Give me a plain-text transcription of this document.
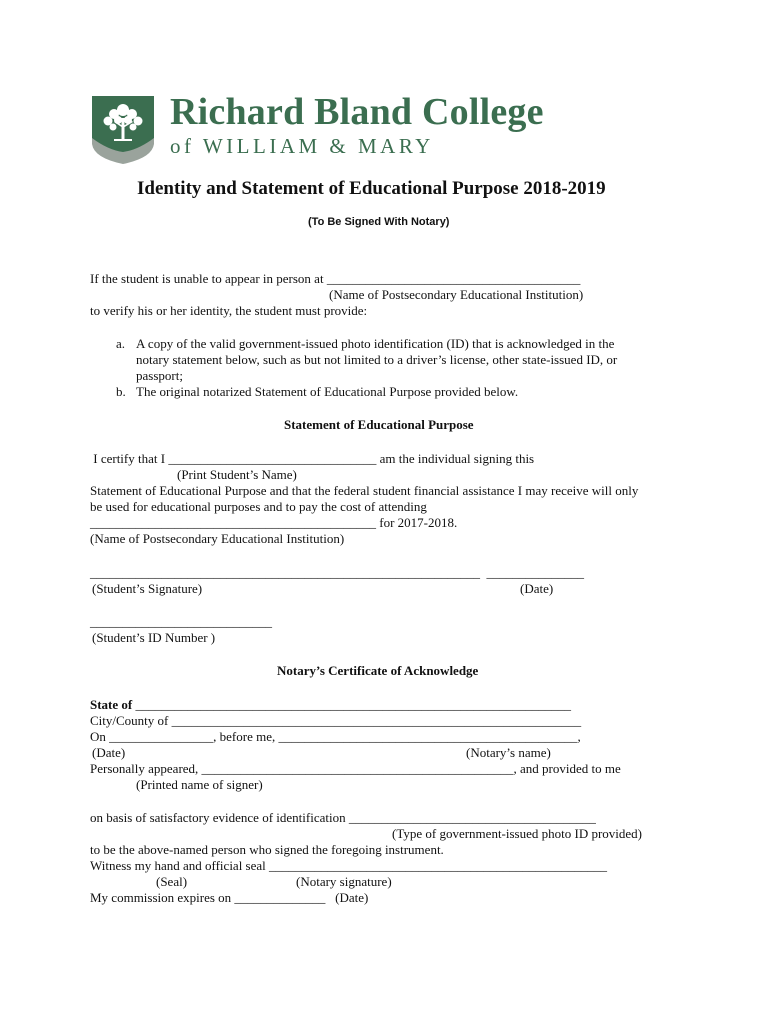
Richard Bland College
of WILLIAM & MARY
Identity and Statement of Educational Purpose 2018-2019
(To Be Signed With Notary)
If the student is unable to appear in person at _______________________________________
(Name of Postsecondary Educational Institution)
to verify his or her identity, the student must provide:
a. A copy of the valid government-issued photo identification (ID) that is acknowledged in the
notary statement below, such as but not limited to a driver’s license, other state-issued ID, or
passport;
b. The original notarized Statement of Educational Purpose provided below.
Statement of Educational Purpose
I certify that I ________________________________ am the individual signing this
(Print Student’s Name)
Statement of Educational Purpose and that the federal student financial assistance I may receive will only
be used for educational purposes and to pay the cost of attending
____________________________________________ for 2017-2018.
(Name of Postsecondary Educational Institution)
____________________________________________________________  _______________
(Student’s Signature)	(Date)
____________________________
(Student’s ID Number )
Notary’s Certificate of Acknowledge
State of ___________________________________________________________________
City/County of _______________________________________________________________
On ________________, before me, ______________________________________________,
(Date)	(Notary’s name)
Personally appeared, ________________________________________________, and provided to me
(Printed name of signer)
on basis of satisfactory evidence of identification ______________________________________
(Type of government-issued photo ID provided)
to be the above-named person who signed the foregoing instrument.
Witness my hand and official seal ____________________________________________________
(Seal)	(Notary signature)
My commission expires on ______________   (Date)
